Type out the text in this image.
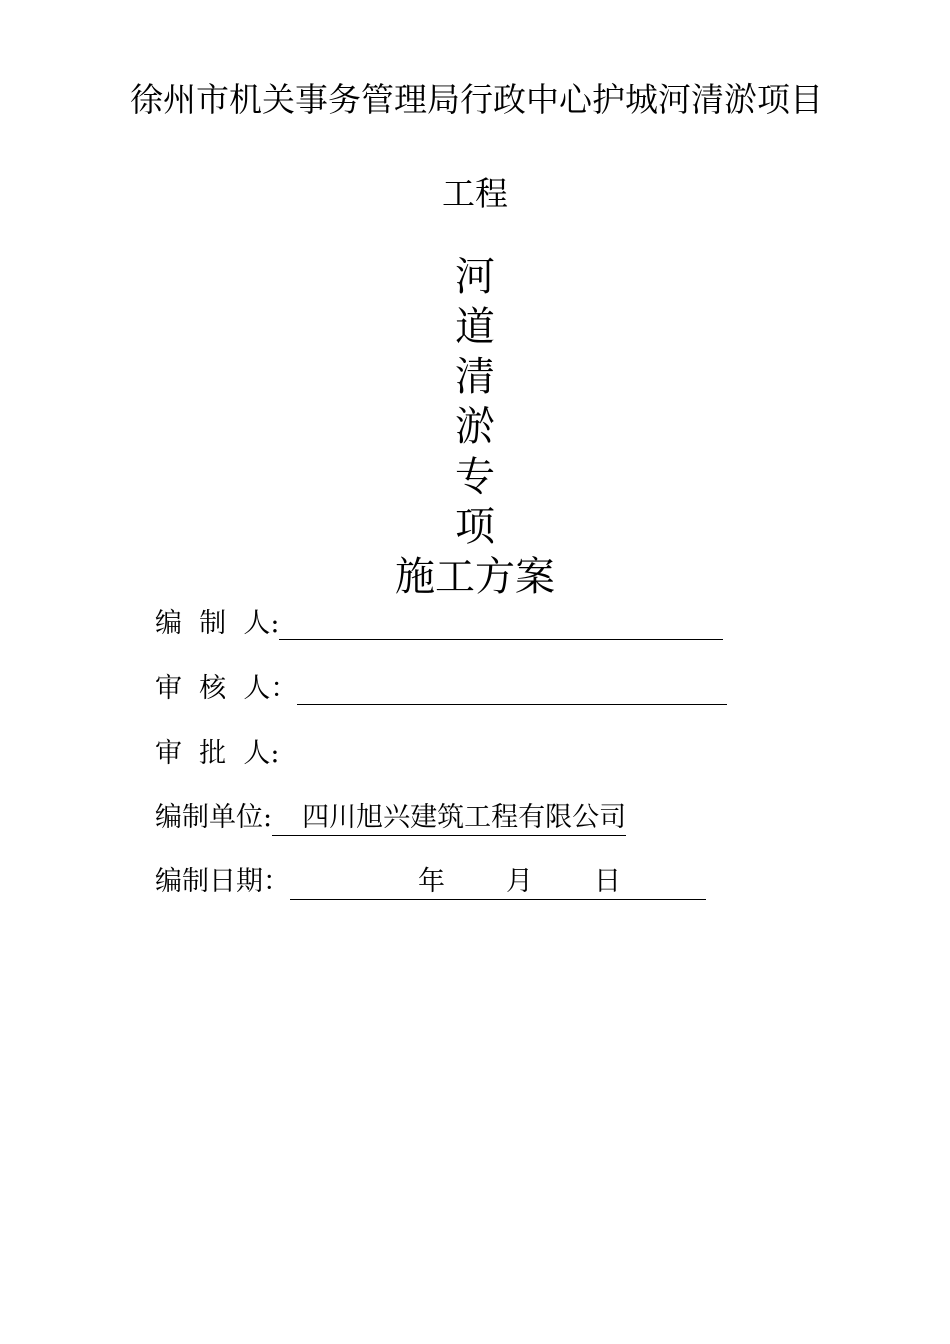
徐州市机关事务管理局行政中心护城河清淤项目
工程
河
道
清
淤
专
项
施工方案
编  制  人:
审  核  人：
审  批  人:
编制单位:	四川旭兴建筑工程有限公司
编制日期：	年 月 日
